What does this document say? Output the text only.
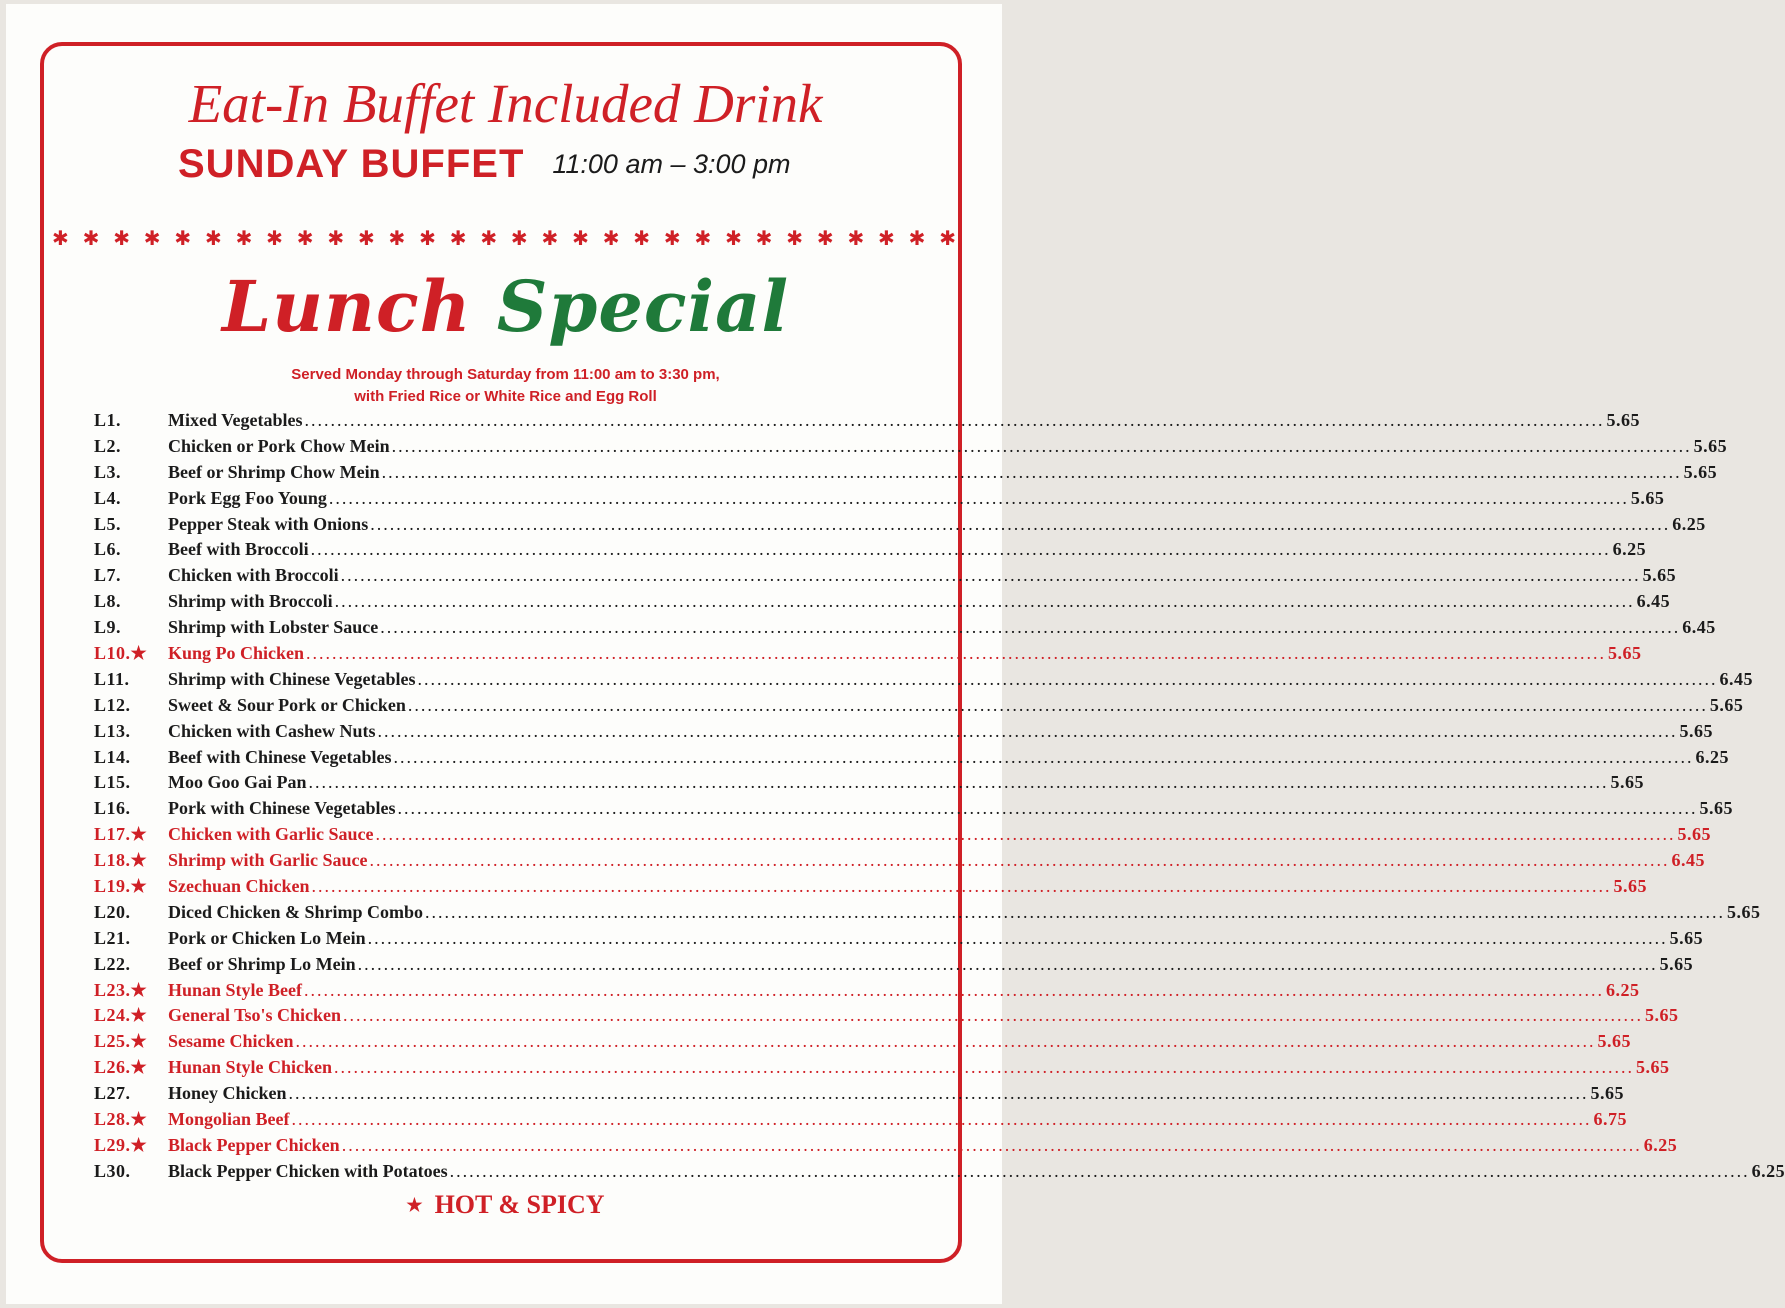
Eat-In Buffet Included Drink
SUNDAY BUFFET 11:00 am – 3:00 pm
✱ ✱ ✱ ✱ ✱ ✱ ✱ ✱ ✱ ✱ ✱ ✱ ✱ ✱ ✱ ✱ ✱ ✱ ✱ ✱ ✱ ✱ ✱ ✱ ✱ ✱ ✱ ✱ ✱ ✱
Lunch Special
Served Monday through Saturday from 11:00 am to 3:30 pm,
with Fried Rice or White Rice and Egg Roll
L1.	Mixed Vegetables ........................................................................................................................................................................................................ 5.65
L2.	Chicken or Pork Chow Mein ........................................................................................................................................................................................................ 5.65
L3.	Beef or Shrimp Chow Mein ........................................................................................................................................................................................................ 5.65
L4.	Pork Egg Foo Young ........................................................................................................................................................................................................ 5.65
L5.	Pepper Steak with Onions ........................................................................................................................................................................................................ 6.25
L6.	Beef with Broccoli ........................................................................................................................................................................................................ 6.25
L7.	Chicken with Broccoli ........................................................................................................................................................................................................ 5.65
L8.	Shrimp with Broccoli ........................................................................................................................................................................................................ 6.45
L9.	Shrimp with Lobster Sauce ........................................................................................................................................................................................................ 6.45
L10.★	Kung Po Chicken ........................................................................................................................................................................................................ 5.65
L11.	Shrimp with Chinese Vegetables ........................................................................................................................................................................................................ 6.45
L12.	Sweet & Sour Pork or Chicken ........................................................................................................................................................................................................ 5.65
L13.	Chicken with Cashew Nuts ........................................................................................................................................................................................................ 5.65
L14.	Beef with Chinese Vegetables ........................................................................................................................................................................................................ 6.25
L15.	Moo Goo Gai Pan ........................................................................................................................................................................................................ 5.65
L16.	Pork with Chinese Vegetables ........................................................................................................................................................................................................ 5.65
L17.★	Chicken with Garlic Sauce ........................................................................................................................................................................................................ 5.65
L18.★	Shrimp with Garlic Sauce ........................................................................................................................................................................................................ 6.45
L19.★	Szechuan Chicken ........................................................................................................................................................................................................ 5.65
L20.	Diced Chicken & Shrimp Combo ........................................................................................................................................................................................................ 5.65
L21.	Pork or Chicken Lo Mein ........................................................................................................................................................................................................ 5.65
L22.	Beef or Shrimp Lo Mein ........................................................................................................................................................................................................ 5.65
L23.★	Hunan Style Beef ........................................................................................................................................................................................................ 6.25
L24.★	General Tso's Chicken ........................................................................................................................................................................................................ 5.65
L25.★	Sesame Chicken ........................................................................................................................................................................................................ 5.65
L26.★	Hunan Style Chicken ........................................................................................................................................................................................................ 5.65
L27.	Honey Chicken ........................................................................................................................................................................................................ 5.65
L28.★	Mongolian Beef ........................................................................................................................................................................................................ 6.75
L29.★	Black Pepper Chicken ........................................................................................................................................................................................................ 6.25
L30.	Black Pepper Chicken with Potatoes ........................................................................................................................................................................................................ 6.25
★ HOT & SPICY
